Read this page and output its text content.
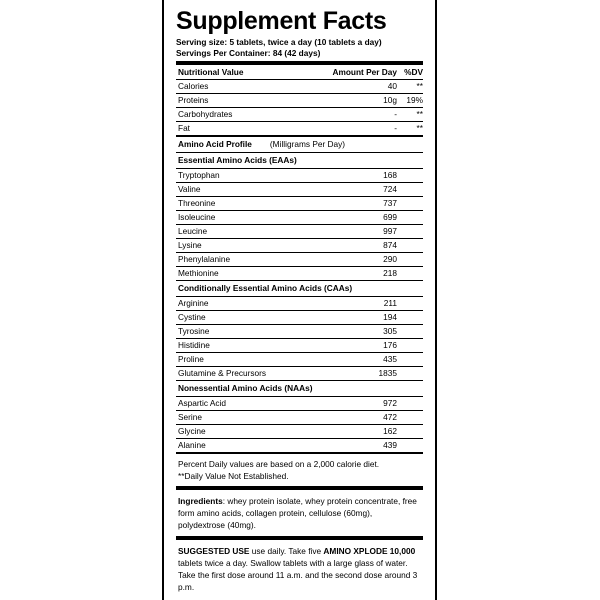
Supplement Facts
Serving size: 5 tablets, twice a day (10 tablets a day)
Servings Per Container: 84 (42 days)
Nutritional Value	Amount Per Day	%DV
Calories	40	**
Proteins	10g	19%
Carbohydrates	-	**
Fat	-	**
Amino Acid Profile (Milligrams Per Day)		
Essential Amino Acids (EAAs)		
Tryptophan	168	
Valine	724	
Threonine	737	
Isoleucine	699	
Leucine	997	
Lysine	874	
Phenylalanine	290	
Methionine	218	
Conditionally Essential Amino Acids (CAAs)		
Arginine	211	
Cystine	194	
Tyrosine	305	
Histidine	176	
Proline	435	
Glutamine & Precursors	1835	
Nonessential Amino Acids (NAAs)		
Aspartic Acid	972	
Serine	472	
Glycine	162	
Alanine	439	
Percent Daily values are based on a 2,000 calorie diet.
**Daily Value Not Established.
Ingredients: whey protein isolate, whey protein concentrate, free form amino acids, collagen protein, cellulose (60mg), polydextrose (40mg).
SUGGESTED USE use daily. Take five AMINO XPLODE 10,000 tablets twice a day. Swallow tablets with a large glass of water. Take the first dose around 11 a.m. and the second dose around 3 p.m.
